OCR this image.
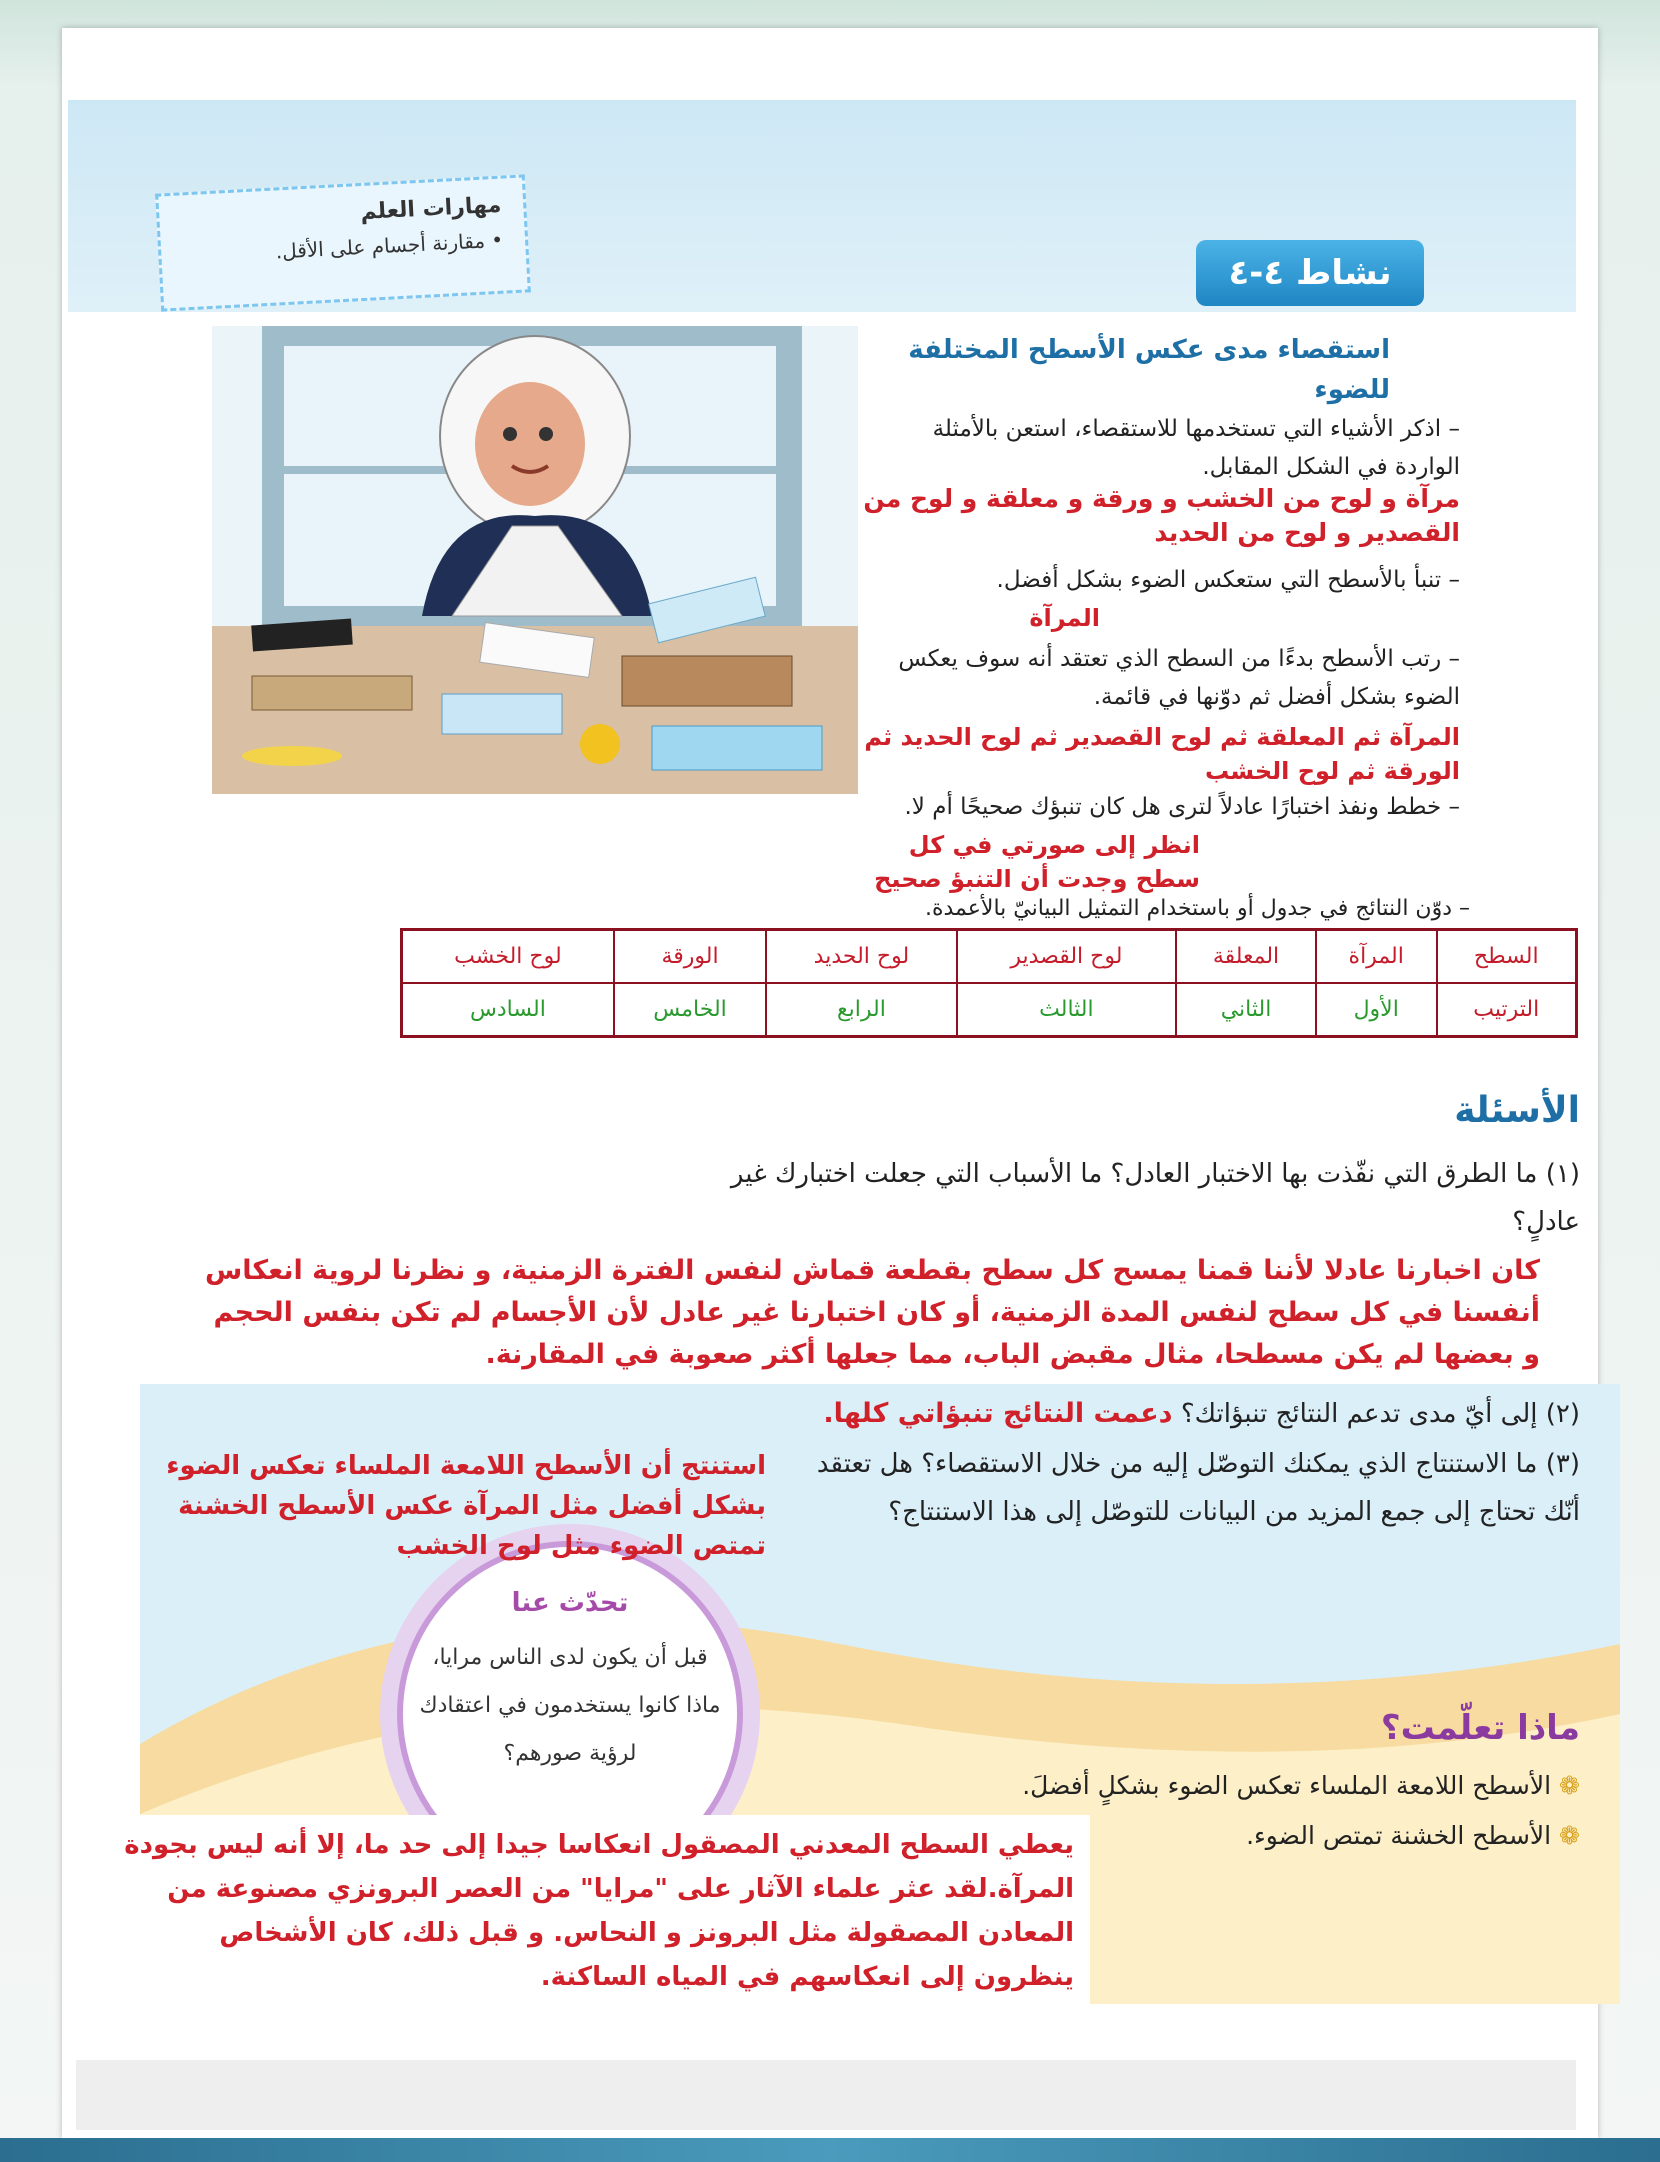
مهارات العلم
• مقارنة أجسام على الأقل.
نشاط ٤-٤
استقصاء مدى عكس الأسطح المختلفة للضوء
– اذكر الأشياء التي تستخدمها للاستقصاء، استعن بالأمثلة الواردة في الشكل المقابل.
مرآة و لوح من الخشب و ورقة و معلقة و لوح من القصدير و لوح من الحديد
– تنبأ بالأسطح التي ستعكس الضوء بشكل أفضل.
المرآة
– رتب الأسطح بدءًا من السطح الذي تعتقد أنه سوف يعكس الضوء بشكل أفضل ثم دوّنها في قائمة.
المرآة ثم المعلقة ثم لوح القصدير ثم لوح الحديد ثم الورقة ثم لوح الخشب
– خطط ونفذ اختبارًا عادلاً لترى هل كان تنبؤك صحيحًا أم لا.
انظر إلى صورتي في كل سطح وجدت أن التنبؤ صحيح
– دوّن النتائج في جدول أو باستخدام التمثيل البيانيّ بالأعمدة.
السطح	المرآة	المعلقة	لوح القصدير	لوح الحديد	الورقة	لوح الخشب
الترتيب	الأول	الثاني	الثالث	الرابع	الخامس	السادس
الأسئلة
(١) ما الطرق التي نفّذت بها الاختبار العادل؟ ما الأسباب التي جعلت اختبارك غير عادلٍ؟
كان اخبارنا عادلا لأننا قمنا يمسح كل سطح بقطعة قماش لنفس الفترة الزمنية، و نظرنا لروية انعكاس أنفسنا في كل سطح لنفس المدة الزمنية، أو كان اختبارنا غير عادل لأن الأجسام لم تكن بنفس الحجم و بعضها لم يكن مسطحا، مثال مقبض الباب، مما جعلها أكثر صعوبة في المقارنة.
(٢) إلى أيّ مدى تدعم النتائج تنبؤاتك؟ دعمت النتائج تنبؤاتي كلها.
(٣) ما الاستنتاج الذي يمكنك التوصّل إليه من خلال الاستقصاء؟ هل تعتقد أنّك تحتاج إلى جمع المزيد من البيانات للتوصّل إلى هذا الاستنتاج؟
استنتج أن الأسطح اللامعة الملساء تعكس الضوء بشكل أفضل مثل المرآة عكس الأسطح الخشنة تمتص الضوء مثل لوح الخشب
تحدّث عنا
قبل أن يكون لدى الناس مرايا،
ماذا كانوا يستخدمون في اعتقادك
لرؤية صورهم؟
ماذا تعلّمت؟
❁ الأسطح اللامعة الملساء تعكس الضوء بشكلٍ أفضلَ.
❁ الأسطح الخشنة تمتص الضوء.
يعطي السطح المعدني المصقول انعكاسا جيدا إلى حد ما، إلا أنه ليس بجودة المرآة.لقد عثر علماء الآثار على "مرايا" من العصر البرونزي مصنوعة من المعادن المصقولة مثل البرونز و النحاس. و قبل ذلك، كان الأشخاص ينظرون إلى انعكاسهم في المياه الساكنة.
